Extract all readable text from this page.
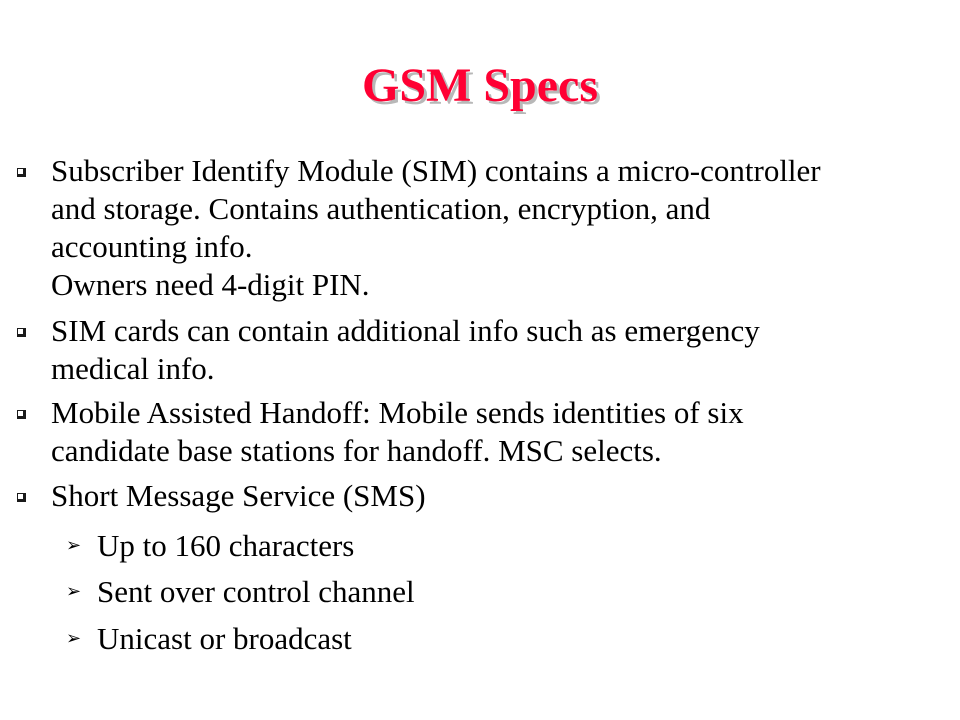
GSM Specs
Subscriber Identify Module (SIM) contains a micro-controller
and storage. Contains authentication, encryption, and
accounting info.
Owners need 4-digit PIN.
SIM cards can contain additional info such as emergency
medical info.
Mobile Assisted Handoff: Mobile sends identities of six
candidate base stations for handoff. MSC selects.
Short Message Service (SMS)
➢ Up to 160 characters
➢ Sent over control channel
➢ Unicast or broadcast
